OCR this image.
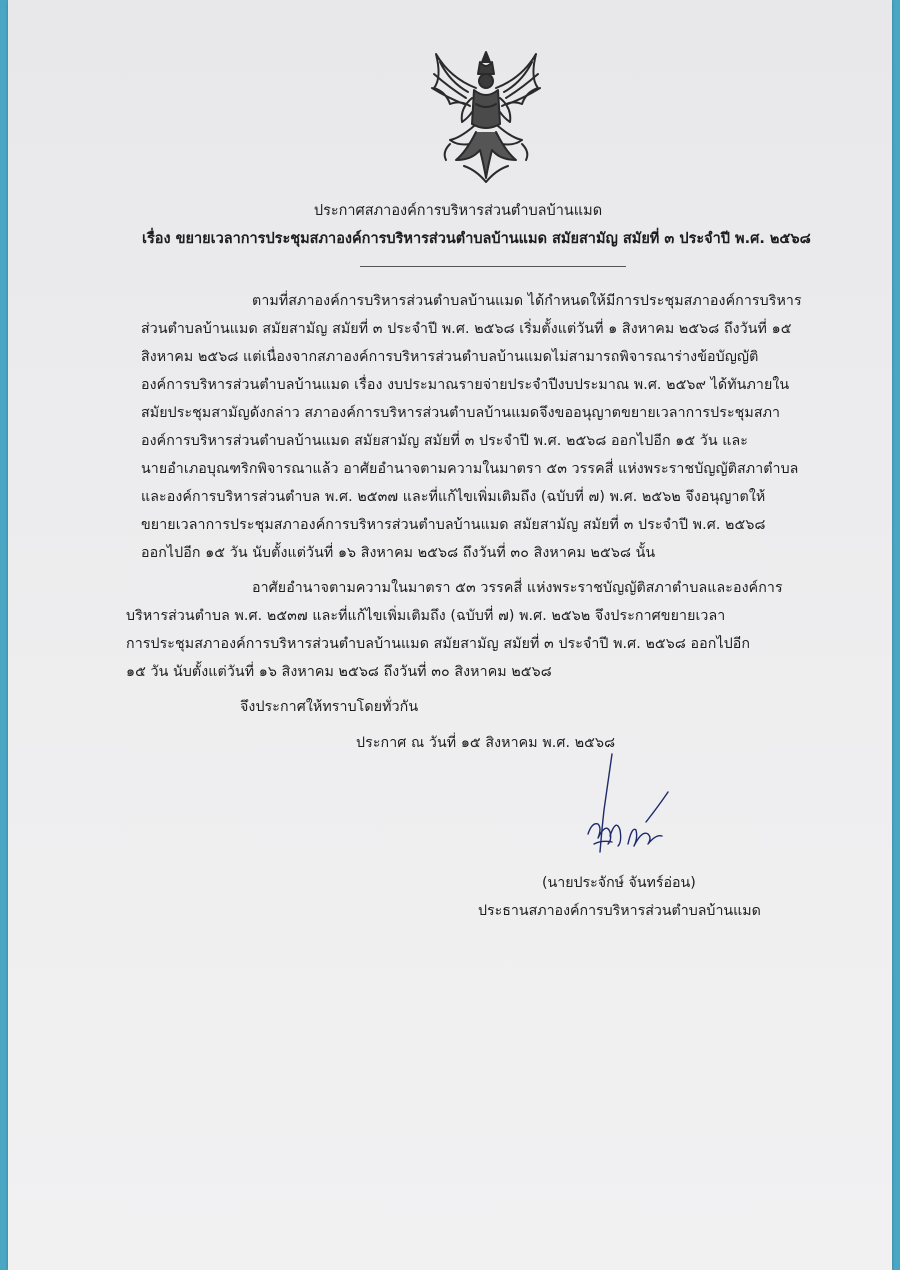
ประกาศสภาองค์การบริหารส่วนตำบลบ้านแมด
เรื่อง ขยายเวลาการประชุมสภาองค์การบริหารส่วนตำบลบ้านแมด สมัยสามัญ สมัยที่ ๓ ประจำปี พ.ศ. ๒๕๖๘
ตามที่สภาองค์การบริหารส่วนตำบลบ้านแมด ได้กำหนดให้มีการประชุมสภาองค์การบริหาร
ส่วนตำบลบ้านแมด สมัยสามัญ สมัยที่ ๓ ประจำปี พ.ศ. ๒๕๖๘ เริ่มตั้งแต่วันที่ ๑ สิงหาคม ๒๕๖๘ ถึงวันที่ ๑๕
สิงหาคม ๒๕๖๘ แต่เนื่องจากสภาองค์การบริหารส่วนตำบลบ้านแมดไม่สามารถพิจารณาร่างข้อบัญญัติ
องค์การบริหารส่วนตำบลบ้านแมด เรื่อง งบประมาณรายจ่ายประจำปีงบประมาณ พ.ศ. ๒๕๖๙ ได้ทันภายใน
สมัยประชุมสามัญดังกล่าว สภาองค์การบริหารส่วนตำบลบ้านแมดจึงขออนุญาตขยายเวลาการประชุมสภา
องค์การบริหารส่วนตำบลบ้านแมด สมัยสามัญ สมัยที่ ๓ ประจำปี พ.ศ. ๒๕๖๘ ออกไปอีก ๑๕ วัน และ
นายอำเภอบุณฑริกพิจารณาแล้ว อาศัยอำนาจตามความในมาตรา ๕๓ วรรคสี่ แห่งพระราชบัญญัติสภาตำบล
และองค์การบริหารส่วนตำบล พ.ศ. ๒๕๓๗ และที่แก้ไขเพิ่มเติมถึง (ฉบับที่ ๗) พ.ศ. ๒๕๖๒ จึงอนุญาตให้
ขยายเวลาการประชุมสภาองค์การบริหารส่วนตำบลบ้านแมด สมัยสามัญ สมัยที่ ๓ ประจำปี พ.ศ. ๒๕๖๘
ออกไปอีก ๑๕ วัน นับตั้งแต่วันที่ ๑๖ สิงหาคม ๒๕๖๘ ถึงวันที่ ๓๐ สิงหาคม ๒๕๖๘ นั้น
อาศัยอำนาจตามความในมาตรา ๕๓ วรรคสี่ แห่งพระราชบัญญัติสภาตำบลและองค์การ
บริหารส่วนตำบล พ.ศ. ๒๕๓๗ และที่แก้ไขเพิ่มเติมถึง (ฉบับที่ ๗) พ.ศ. ๒๕๖๒ จึงประกาศขยายเวลา
การประชุมสภาองค์การบริหารส่วนตำบลบ้านแมด สมัยสามัญ สมัยที่ ๓ ประจำปี พ.ศ. ๒๕๖๘ ออกไปอีก
๑๕ วัน นับตั้งแต่วันที่ ๑๖ สิงหาคม ๒๕๖๘ ถึงวันที่ ๓๐ สิงหาคม ๒๕๖๘
จึงประกาศให้ทราบโดยทั่วกัน
ประกาศ ณ วันที่ ๑๕ สิงหาคม พ.ศ. ๒๕๖๘
(นายประจักษ์ จันทร์อ่อน)
ประธานสภาองค์การบริหารส่วนตำบลบ้านแมด
